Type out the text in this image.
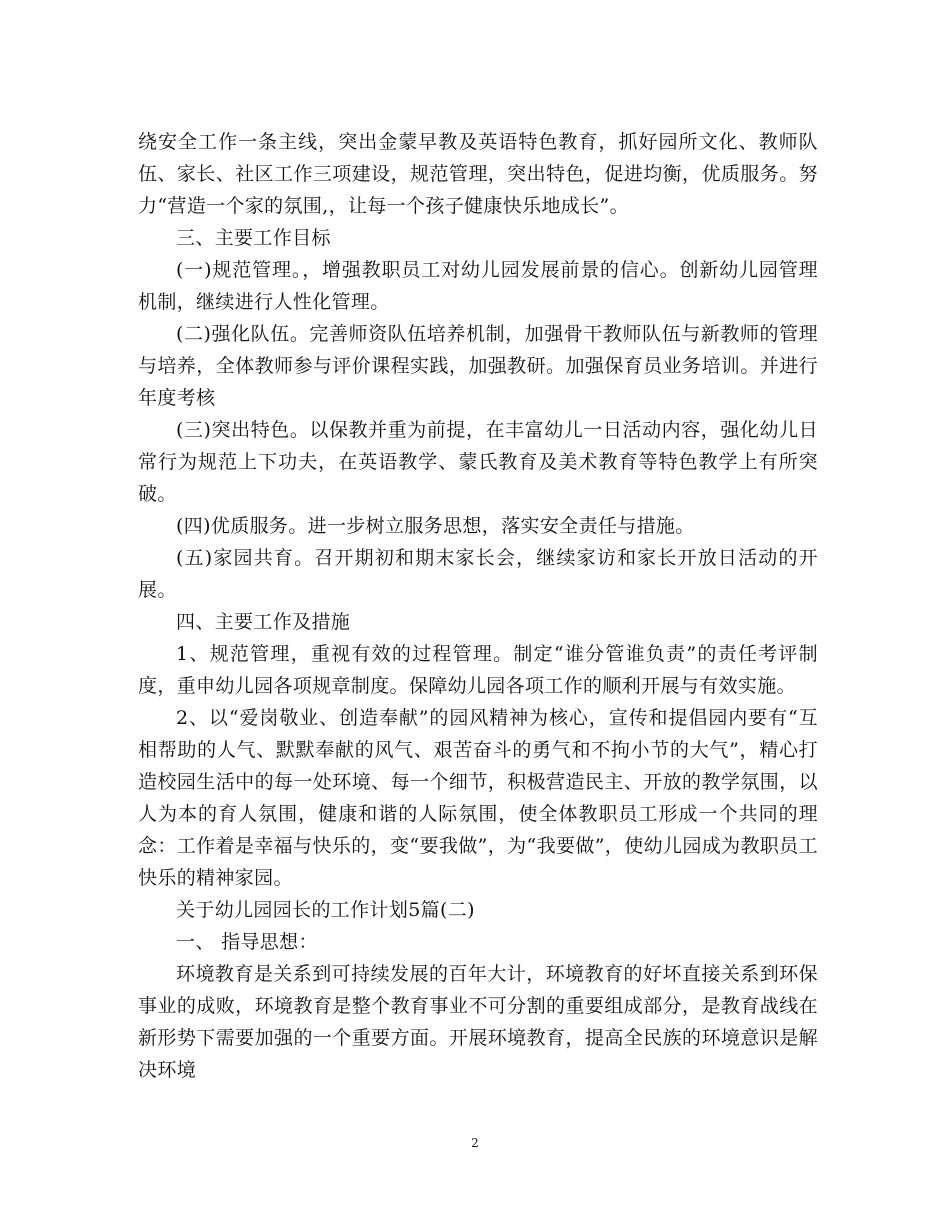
绕安全工作一条主线，突出金蒙早教及英语特色教育，抓好园所文化、教师队伍、家长、社区工作三项建设，规范管理，突出特色，促进均衡，优质服务。努力“营造一个家的氛围,，让每一个孩子健康快乐地成长”。

三、主要工作目标

(一)规范管理。，增强教职员工对幼儿园发展前景的信心。创新幼儿园管理机制，继续进行人性化管理。

(二)强化队伍。完善师资队伍培养机制，加强骨干教师队伍与新教师的管理与培养，全体教师参与评价课程实践，加强教研。加强保育员业务培训。并进行年度考核

(三)突出特色。以保教并重为前提，在丰富幼儿一日活动内容，强化幼儿日常行为规范上下功夫，在英语教学、蒙氏教育及美术教育等特色教学上有所突破。

(四)优质服务。进一步树立服务思想，落实安全责任与措施。

(五)家园共育。召开期初和期末家长会，继续家访和家长开放日活动的开展。

四、主要工作及措施

1、规范管理，重视有效的过程管理。制定“谁分管谁负责”的责任考评制度，重申幼儿园各项规章制度。保障幼儿园各项工作的顺利开展与有效实施。

2、以“爱岗敬业、创造奉献”的园风精神为核心，宣传和提倡园内要有“互相帮助的人气、默默奉献的风气、艰苦奋斗的勇气和不拘小节的大气”，精心打造校园生活中的每一处环境、每一个细节，积极营造民主、开放的教学氛围，以人为本的育人氛围，健康和谐的人际氛围，使全体教职员工形成一个共同的理念：工作着是幸福与快乐的，变“要我做”，为“我要做”，使幼儿园成为教职员工快乐的精神家园。

关于幼儿园园长的工作计划5篇(二)

一、 指导思想：

环境教育是关系到可持续发展的百年大计，环境教育的好坏直接关系到环保事业的成败，环境教育是整个教育事业不可分割的重要组成部分，是教育战线在新形势下需要加强的一个重要方面。开展环境教育，提高全民族的环境意识是解决环境

2
